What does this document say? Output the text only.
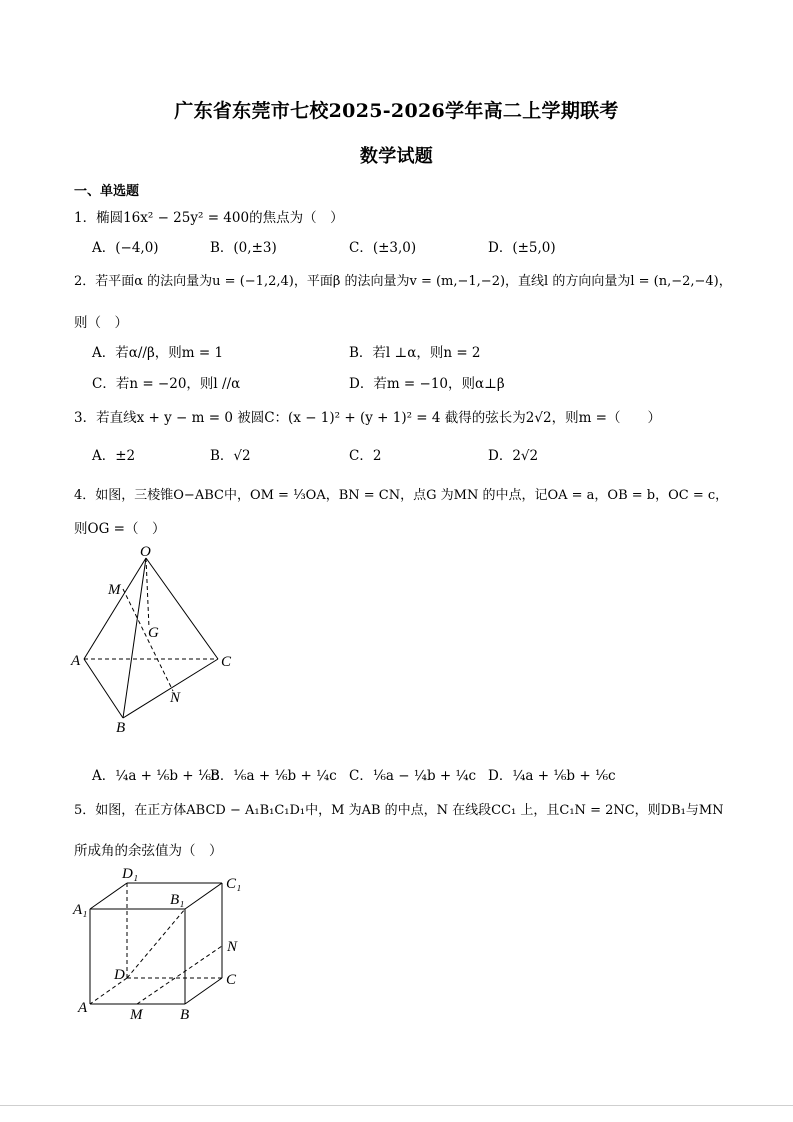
广东省东莞市七校2025-2026学年高二上学期联考
数学试题
一、单选题
1．椭圆16x² − 25y² = 400的焦点为（　）
A．(−4,0)	B．(0,±3)	C．(±3,0)	D．(±5,0)
2．若平面α 的法向量为u = (−1,2,4)，平面β 的法向量为v = (m,−1,−2)，直线l 的方向向量为l = (n,−2,−4)，
则（　）
A．若α//β，则m = 1	B．若l ⊥α，则n = 2
C．若n = −20，则l //α	D．若m = −10，则α⊥β
3．若直线x + y − m = 0 被圆C：(x − 1)² + (y + 1)² = 4 截得的弦长为2√2，则m =（　　）
A．±2	B．√2	C．2	D．2√2
4．如图，三棱锥O−ABC中，OM = ⅓OA，BN = CN，点G 为MN 的中点，记OA = a，OB = b，OC = c，
则OG =（　）
O
M
G
A	C
N
B
A．¼a + ⅙b + ⅙c
B．⅙a + ⅙b + ¼c C．⅙a − ¼b + ¼c D．¼a + ⅙b + ⅙c
5．如图，在正方体ABCD − A₁B₁C₁D₁中，M 为AB 的中点，N 在线段CC₁ 上，且C₁N = 2NC，则DB₁与MN
所成角的余弦值为（　）
D₁
C₁
A₁
B₁
N
D	C
A	M	B
